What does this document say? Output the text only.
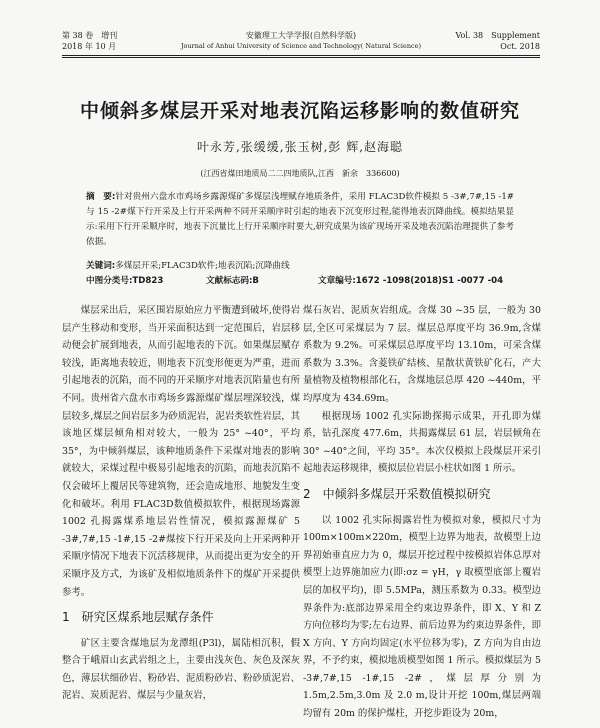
第 38 卷　增刊
2018 年 10 月
安徽理工大学学报(自然科学版)
Journal of Anhui University of Science and Technology( Natural Science)
Vol. 38　Supplement
Oct. 2018
中倾斜多煤层开采对地表沉陷运移影响的数值研究
叶永芳,张缓缓,张玉树,彭 辉,赵海聪
(江西省煤田地质局二二四地质队,江西　新余　336600)
摘　要:针对贵州六盘水市鸡场乡露源煤矿多煤层浅埋赋存地质条件，采用 FLAC3D软件模拟 5 -3#,7#,15 -1#与 15 -2#煤下行开采及上行开采两种不同开采顺序时引起的地表下沉变形过程,能得地表沉降曲线。模拟结果显示:采用下行开采顺序时，地表下沉量比上行开采顺序时要大,研究成果为该矿现场开采及地表沉陷治理提供了参考依据。
关键词:多煤层开采;FLAC3D软件;地表沉陷;沉降曲线
中图分类号:TD823	文献标志码:B	文章编号:1672 -1098(2018)S1 -0077 -04

煤层采出后，采区围岩原始应力平衡遭到破坏,使得岩层产生移动和变形，当开采面积达到一定范围后，岩层移动便会扩展到地表，从而引起地表的下沉。如果煤层赋存较浅，距离地表较近，则地表下沉变形便更为严重，进而引起地表的沉陷，而不同的开采顺序对地表沉陷量也有所不同。贵州省六盘水市鸡场乡露源煤矿煤层埋深较浅，煤层较多,煤层之间岩层多为砂质泥岩，泥岩类软性岩层，其该地区煤层倾角相对较大，一般为 25° ~40°，平均 35°，为中倾斜煤层，该种地质条件下采煤对地表的影响就较大，采煤过程中极易引起地表的沉陷，而地表沉陷不仅会破坏上覆居民等建筑物，还会造成地形、地貌发生变化和破坏。利用 FLAC3D数值模拟软件，根据现场露源 1002 孔揭露煤系地层岩性情况，模拟露源煤矿 5 -3#,7#,15 -1#,15 -2#煤按下行开采及向上开采两种开采顺序情况下地表下沉活移规律，从而提出更为安全的开采顺序及方式，为该矿及相似地质条件下的煤矿开采提供参考。

1　研究区煤系地层赋存条件

矿区主要含煤地层为龙潭组(P3l)，属陆相沉积，假整合于峨眉山玄武岩组之上，主要由浅灰色、灰色及深灰色，薄层状细砂岩、粉砂岩、泥质粉砂岩、粉砂质泥岩、泥岩、炭质泥岩、煤层与少量灰岩，

煤石灰岩、泥质灰岩组成。含煤 30 ~35 层，一般为 30 层,全区可采煤层为 7 层。煤层总厚度平均 36.9m,含煤系数为 9.2%。可采煤层总厚度平均 13.10m，可采含煤系数为 3.3%。含菱铁矿结核、星散状黄铁矿化石，产大量植物及植物根部化石，含煤地层总厚 420 ~440m，平均厚度为 434.69m。

根据现场 1002 孔实际勘探揭示成果，开孔即为煤系，钻孔深度 477.6m，共揭露煤层 61 层，岩层倾角在 30° ~40°之间，平均 35°。本次仅模拟上段煤层开采引起地表运移规律，模拟层位岩层小柱状如图 1 所示。

2　中倾斜多煤层开采数值模拟研究

以 1002 孔实际揭露岩性为模拟对象，模拟尺寸为 100m×100m×220m，模型上边界为地表，故模型上边界初始垂直应力为 0，煤层开挖过程中按模拟岩体总厚对模型上边界施加应力(即:σz = γH，γ 取模型底部上覆岩层的加权平均)，即 5.5MPa，测压系数为 0.33。模型边界条件为:底部边界采用全约束边界条件，即 X、Y 和 Z 方向位移均为零;左右边界、前后边界为约束边界条件，即 X 方向、Y 方向均固定(水平位移为零)，Z 方向为自由边界，不予约束，模拟地质模型如图 1 所示。模拟煤层为 5 -3#,7#,15 -1#,15 -2#，煤层厚分别为 1.5m,2.5m,3.0m 及 2.0 m,设计开挖 100m,煤层两端均留有 20m 的保护煤柱，开挖步距设为 20m，
